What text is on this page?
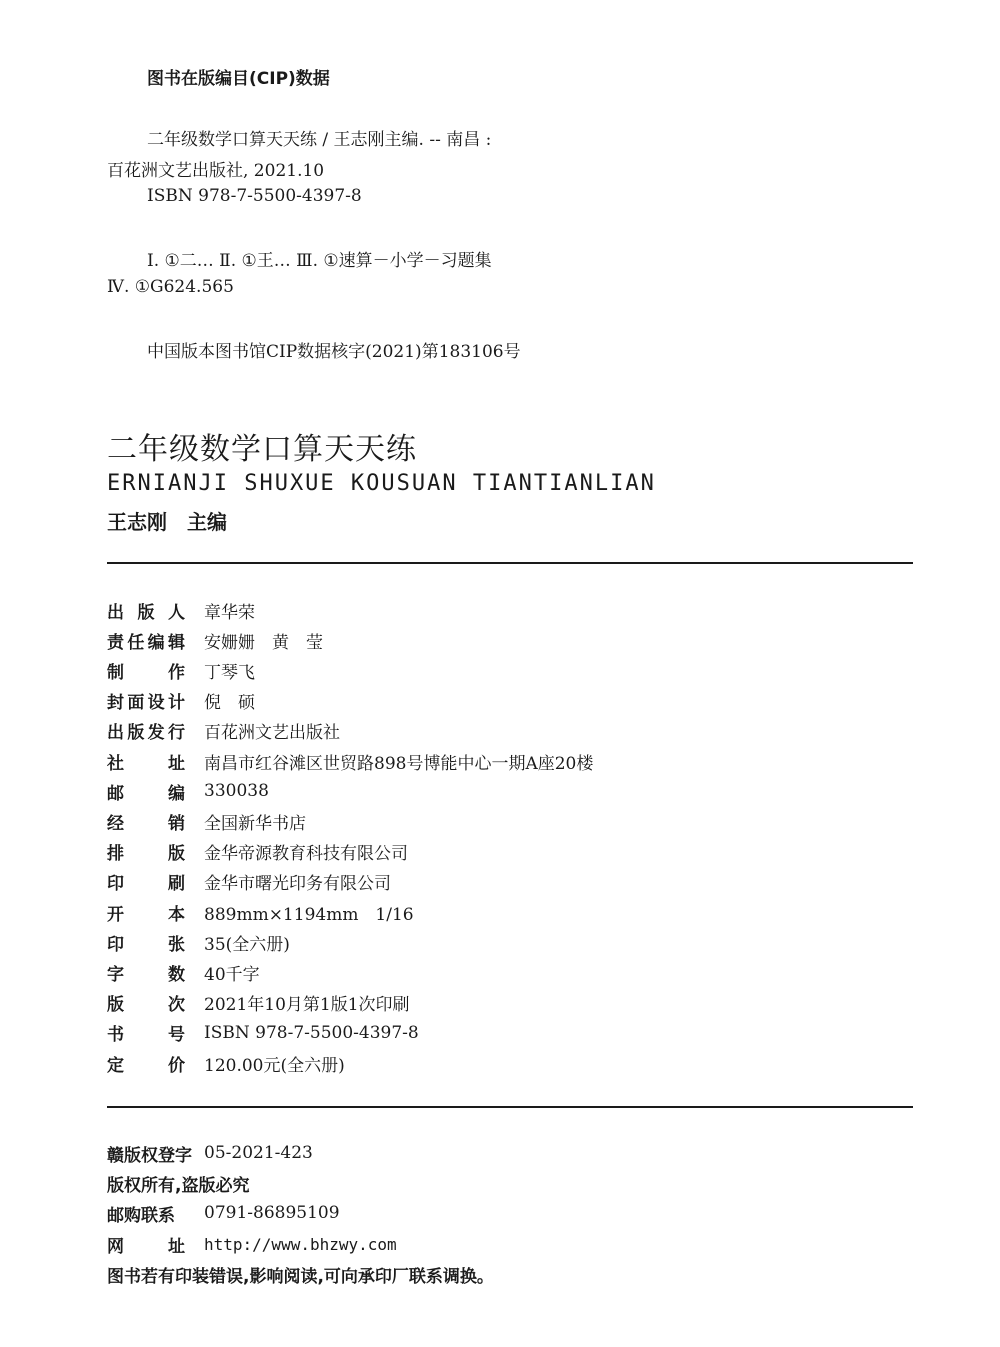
图书在版编目(CIP)数据
二年级数学口算天天练 / 王志刚主编. -- 南昌 :
百花洲文艺出版社, 2021.10
ISBN 978-7-5500-4397-8
Ⅰ. ①二… Ⅱ. ①王… Ⅲ. ①速算－小学－习题集
Ⅳ. ①G624.565
中国版本图书馆CIP数据核字(2021)第183106号
二年级数学口算天天练
ERNIANJI SHUXUE KOUSUAN TIANTIANLIAN
王志刚　主编
出 版 人 章华荣
责 任 编 辑 安姗姗　黄　莹
制	作 丁琴飞
封 面 设 计 倪　硕
出 版 发 行 百花洲文艺出版社
社	址 南昌市红谷滩区世贸路898号博能中心一期A座20楼
邮	编 330038
经	销 全国新华书店
排	版 金华帝源教育科技有限公司
印	刷 金华市曙光印务有限公司
开	本 889mm×1194mm　1/16
印	张 35(全六册)
字	数 40千字
版	次 2021年10月第1版1次印刷
书	号 ISBN 978-7-5500-4397-8
定	价 120.00元(全六册)
赣版权登字 05-2021-423
版权所有,盗版必究
邮购联系 0791-86895109
网	址 http://www.bhzwy.com
图书若有印装错误,影响阅读,可向承印厂联系调换。
